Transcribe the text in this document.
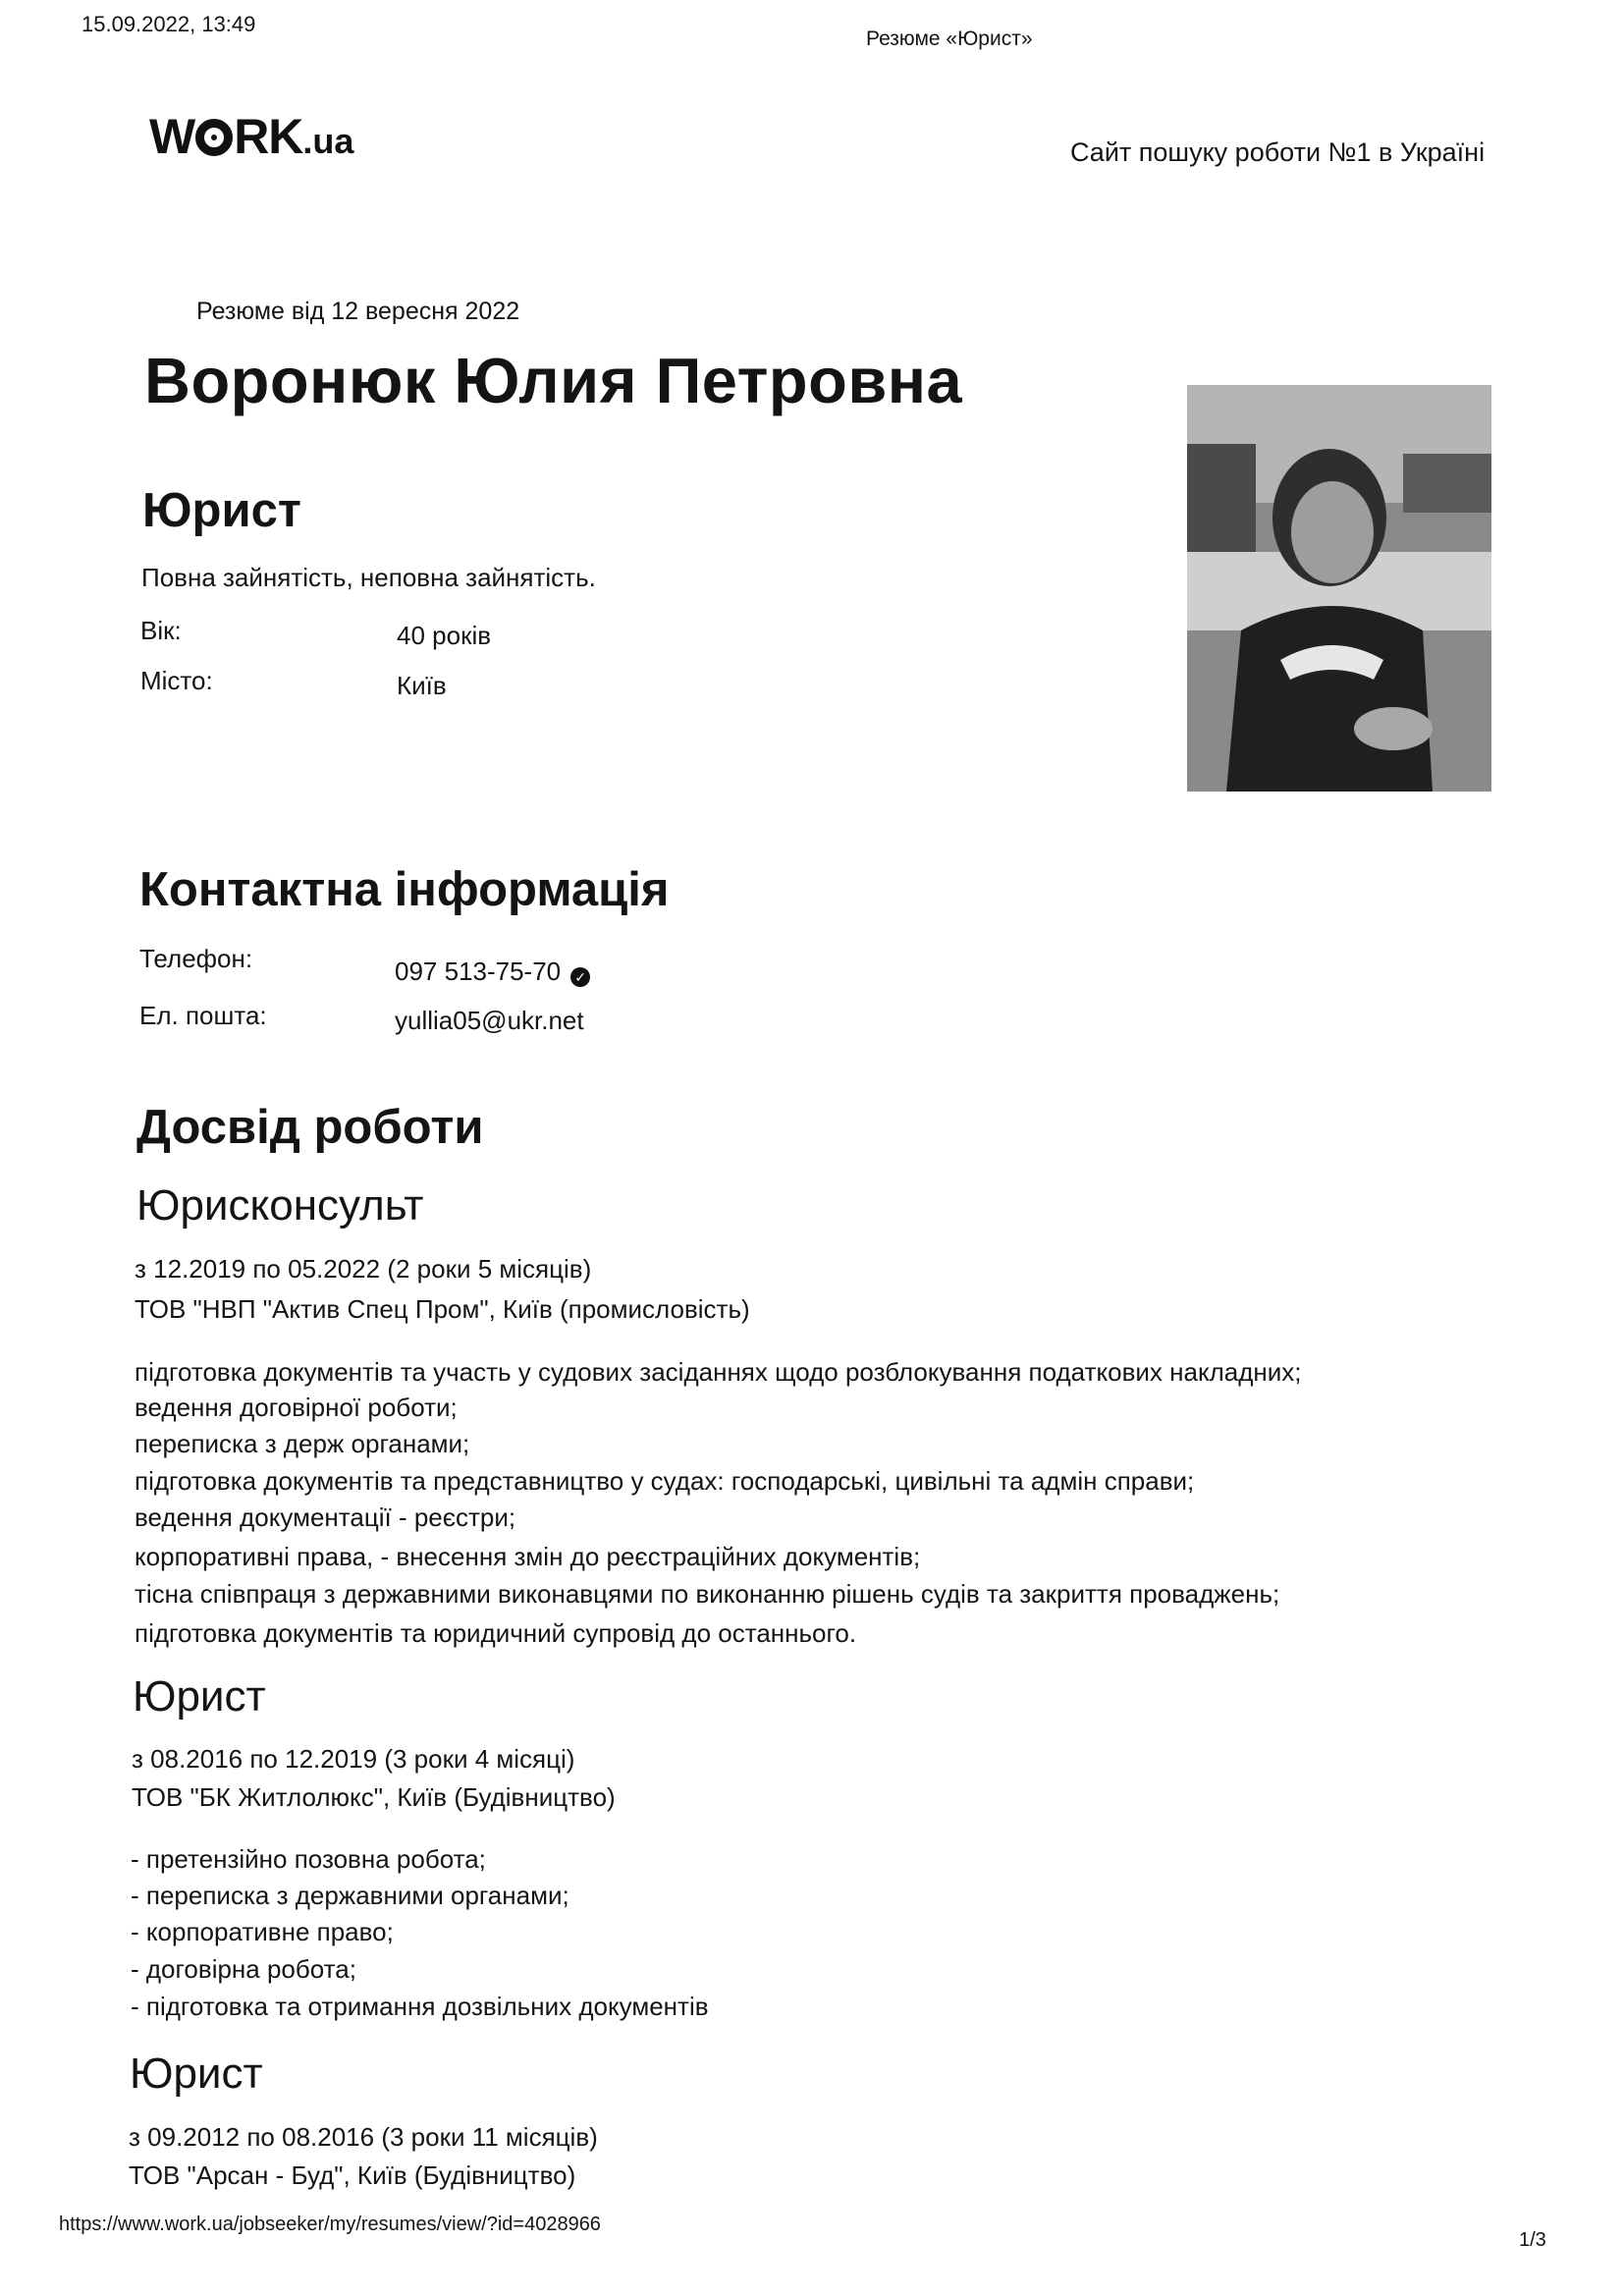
15.09.2022, 13:49
Резюме «Юрист»
W RK .ua	Сайт пошуку роботи №1 в Україні
Резюме від 12 вересня 2022
Воронюк Юлия Петровна
Юрист
Повна зайнятість, неповна зайнятість.
Вік:	40 років
Місто:	Київ
Контактна інформація
Телефон:	097 513-75-70 ✓
Ел. пошта:	yullia05@ukr.net
Досвід роботи
Юрисконсульт
з 12.2019 по 05.2022 (2 роки 5 місяців)
ТОВ "НВП "Актив Спец Пром", Київ (промисловість)
підготовка документів та участь у судових засіданнях щодо розблокування податкових накладних;
ведення договірної роботи;
переписка з держ органами;
підготовка документів та представництво у судах: господарські, цивільні та адмін справи;
ведення документації - реєстри;
корпоративні права, - внесення змін до реєстраційних документів;
тісна співпраця з державними виконавцями по виконанню рішень судів та закриття проваджень;
підготовка документів та юридичний супровід до останнього.
Юрист
з 08.2016 по 12.2019 (3 роки 4 місяці)
ТОВ "БК Житлолюкс", Київ (Будівництво)
- претензійно позовна робота;
- переписка з державними органами;
- корпоративне право;
- договірна робота;
- підготовка та отримання дозвільних документів
Юрист
з 09.2012 по 08.2016 (3 роки 11 місяців)
ТОВ "Арсан - Буд", Київ (Будівництво)
https://www.work.ua/jobseeker/my/resumes/view/?id=4028966
1/3
